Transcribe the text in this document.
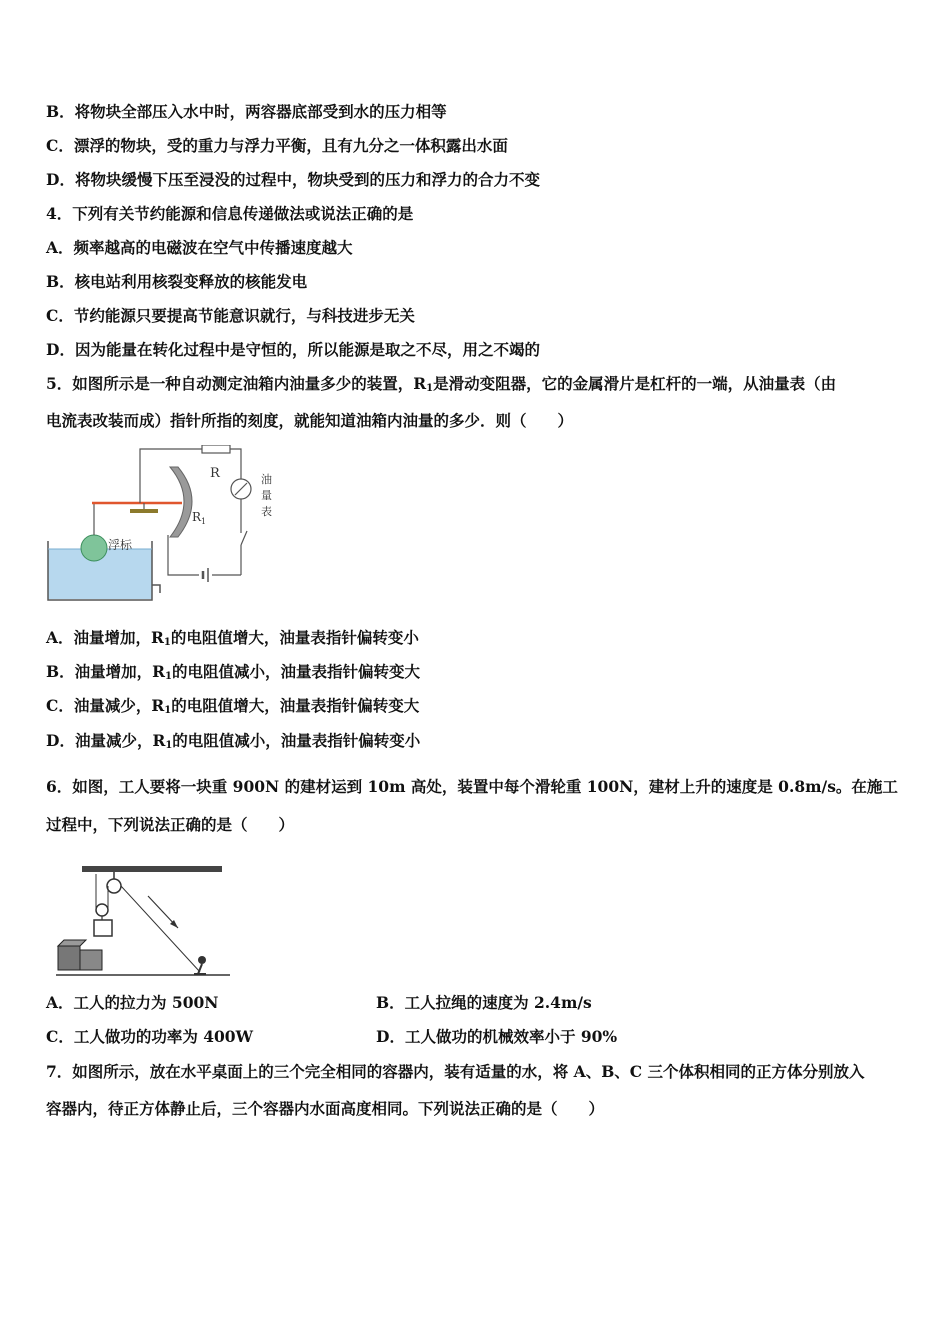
B．将物块全部压入水中时，两容器底部受到水的压力相等
C．漂浮的物块，受的重力与浮力平衡，且有九分之一体积露出水面
D．将物块缓慢下压至浸没的过程中，物块受到的压力和浮力的合力不变
4．下列有关节约能源和信息传递做法或说法正确的是
A．频率越高的电磁波在空气中传播速度越大
B．核电站利用核裂变释放的核能发电
C．节约能源只要提高节能意识就行，与科技进步无关
D．因为能量在转化过程中是守恒的，所以能源是取之不尽，用之不竭的
5．如图所示是一种自动测定油箱内油量多少的装置，$R_1$是滑动变阻器，它的金属滑片是杠杆的一端，从油量表（由
电流表改装而成）指针所指的刻度，就能知道油箱内油量的多少．则（　　）
$R_1$
R	油
量
表
浮标
A．油量增加，$R_1$的电阻值增大，油量表指针偏转变小
B．油量增加，$R_1$的电阻值减小，油量表指针偏转变大
C．油量减少，$R_1$的电阻值增大，油量表指针偏转变大
D．油量减少，$R_1$的电阻值减小，油量表指针偏转变小
6．如图，工人要将一块重 900N 的建材运到 10m 高处，装置中每个滑轮重 100N，建材上升的速度是 0.8m/s。在施工
过程中，下列说法正确的是（　　）
A．工人的拉力为 500N	B．工人拉绳的速度为 2.4m/s
C．工人做功的功率为 400W	D．工人做功的机械效率小于 90%
7．如图所示，放在水平桌面上的三个完全相同的容器内，装有适量的水，将 A、B、C 三个体积相同的正方体分别放入
容器内，待正方体静止后，三个容器内水面高度相同。下列说法正确的是（　　）
